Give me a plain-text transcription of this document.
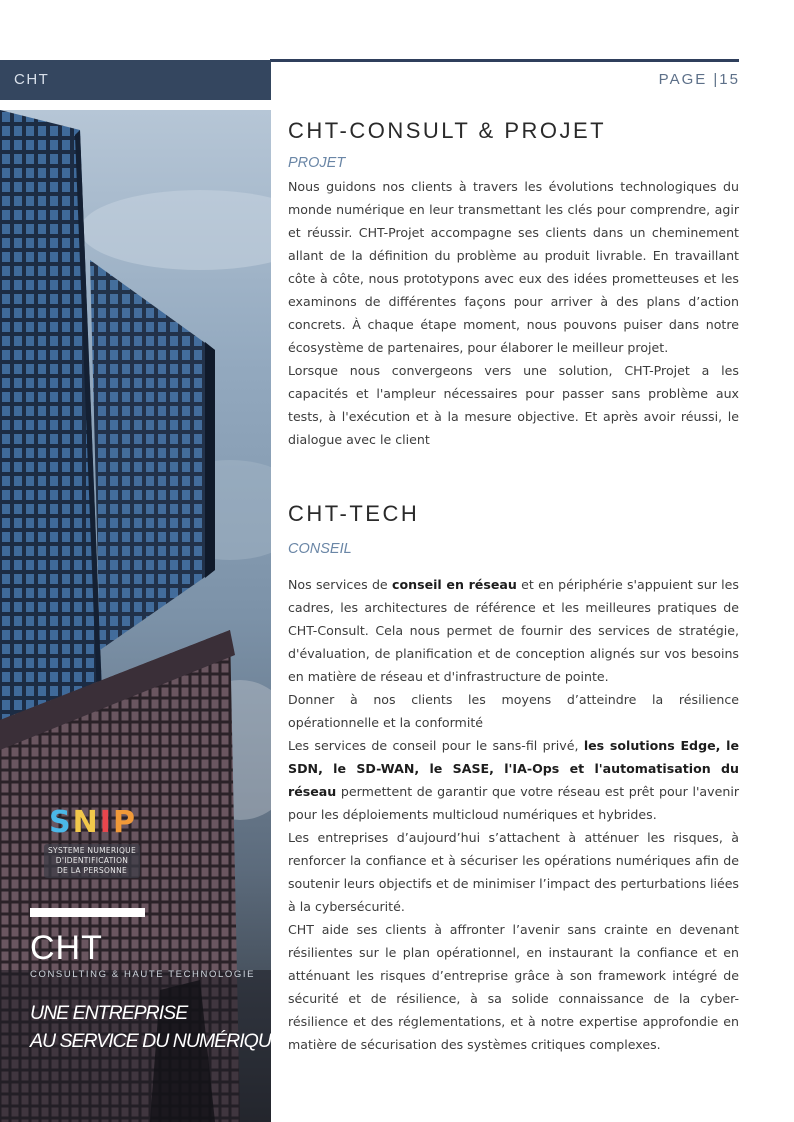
CHT	PAGE |15
SNIP
SYSTEME NUMERIQUE
D'IDENTIFICATION
DE LA PERSONNE
CHT
CONSULTING & HAUTE TECHNOLOGIE
UNE ENTREPRISE
AU SERVICE DU NUMÉRIQUE
CHT-CONSULT & PROJET
PROJET

Nous guidons nos clients à travers les évolutions technologiques du monde numérique en leur transmettant les clés pour comprendre, agir et réussir. CHT-Projet accompagne ses clients dans un cheminement allant de la définition du problème au produit livrable. En travaillant côte à côte, nous prototypons avec eux des idées prometteuses et les examinons de différentes façons pour arriver à des plans d’action concrets. À chaque étape moment, nous pouvons puiser dans notre écosystème de partenaires, pour élaborer le meilleur projet.

Lorsque nous convergeons vers une solution, CHT-Projet a les capacités et l'ampleur nécessaires pour passer sans problème aux tests, à l'exécution et à la mesure objective. Et après avoir réussi, le dialogue avec le client

CHT-TECH
CONSEIL

Nos services de conseil en réseau et en périphérie s'appuient sur les cadres, les architectures de référence et les meilleures pratiques de CHT-Consult. Cela nous permet de fournir des services de stratégie, d'évaluation, de planification et de conception alignés sur vos besoins en matière de réseau et d'infrastructure de pointe.

Donner à nos clients les moyens d’atteindre la résilience opérationnelle et la conformité

Les services de conseil pour le sans-fil privé, les solutions Edge, le SDN, le SD-WAN, le SASE, l'IA-Ops et l'automatisation du réseau permettent de garantir que votre réseau est prêt pour l'avenir pour les déploiements multicloud numériques et hybrides.

Les entreprises d’aujourd’hui s’attachent à atténuer les risques, à renforcer la confiance et à sécuriser les opérations numériques afin de soutenir leurs objectifs et de minimiser l’impact des perturbations liées à la cybersécurité.

CHT aide ses clients à affronter l’avenir sans crainte en devenant résilientes sur le plan opérationnel, en instaurant la confiance et en atténuant les risques d’entreprise grâce à son framework intégré de sécurité et de résilience, à sa solide connaissance de la cyber-résilience et des réglementations, et à notre expertise approfondie en matière de sécurisation des systèmes critiques complexes.
